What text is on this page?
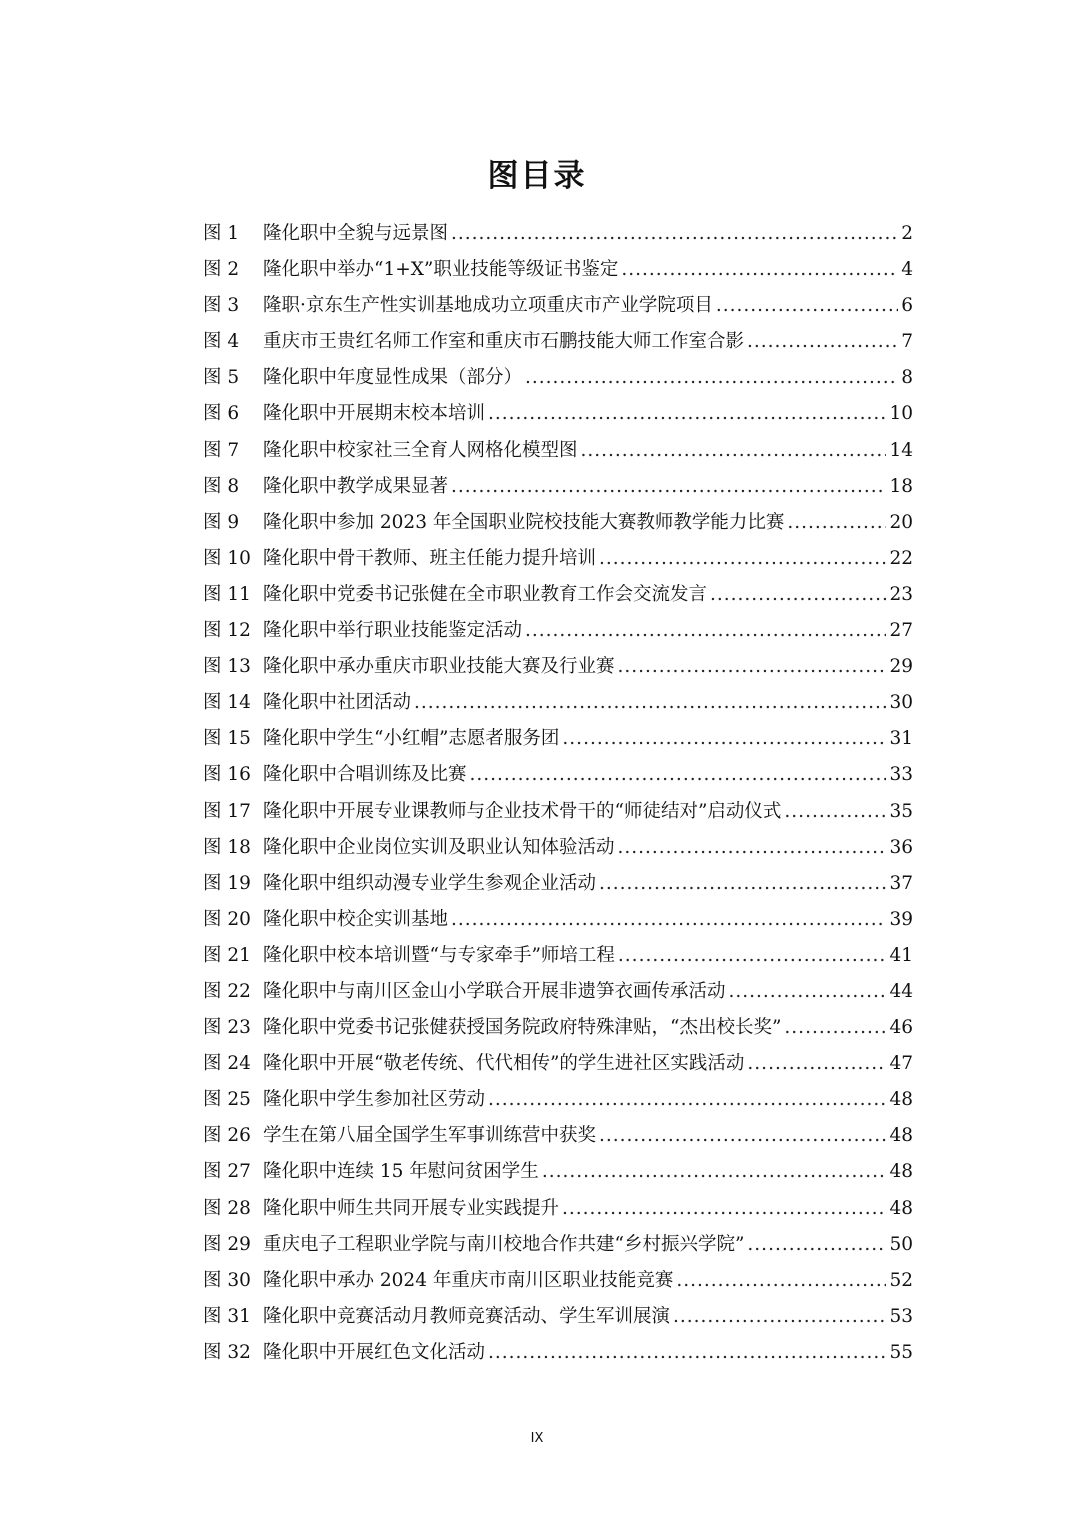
图目录
图 1	隆化职中全貌与远景图 .....	2
图 2	隆化职中举办“1+X”职业技能等级证书鉴定 .....	4
图 3	隆职·京东生产性实训基地成功立项重庆市产业学院项目 .....	6
图 4	重庆市王贵红名师工作室和重庆市石鹏技能大师工作室合影 .....	7
图 5	隆化职中年度显性成果（部分） .....	8
图 6	隆化职中开展期末校本培训 .....	10
图 7	隆化职中校家社三全育人网格化模型图 .....	14
图 8	隆化职中教学成果显著 .....	18
图 9	隆化职中参加 2023 年全国职业院校技能大赛教师教学能力比赛 .....	20
图 10 隆化职中骨干教师、班主任能力提升培训 .....	22
图 11 隆化职中党委书记张健在全市职业教育工作会交流发言 .....	23
图 12 隆化职中举行职业技能鉴定活动 .....	27
图 13 隆化职中承办重庆市职业技能大赛及行业赛 .....	29
图 14 隆化职中社团活动 .....	30
图 15 隆化职中学生“小红帽”志愿者服务团 .....	31
图 16 隆化职中合唱训练及比赛 .....	33
图 17 隆化职中开展专业课教师与企业技术骨干的“师徒结对”启动仪式 .....	35
图 18 隆化职中企业岗位实训及职业认知体验活动 .....	36
图 19 隆化职中组织动漫专业学生参观企业活动 .....	37
图 20 隆化职中校企实训基地 .....	39
图 21 隆化职中校本培训暨“与专家牵手”师培工程 .....	41
图 22 隆化职中与南川区金山小学联合开展非遗笋衣画传承活动 .....	44
图 23 隆化职中党委书记张健获授国务院政府特殊津贴，“杰出校长奖” .....	46
图 24 隆化职中开展“敬老传统、代代相传”的学生进社区实践活动 .....	47
图 25 隆化职中学生参加社区劳动 .....	48
图 26 学生在第八届全国学生军事训练营中获奖 .....	48
图 27 隆化职中连续 15 年慰问贫困学生 .....	48
图 28 隆化职中师生共同开展专业实践提升 .....	48
图 29 重庆电子工程职业学院与南川校地合作共建“乡村振兴学院” .....	50
图 30 隆化职中承办 2024 年重庆市南川区职业技能竞赛 .....	52
图 31 隆化职中竞赛活动月教师竞赛活动、学生军训展演 .....	53
图 32 隆化职中开展红色文化活动 .....	55
IX
